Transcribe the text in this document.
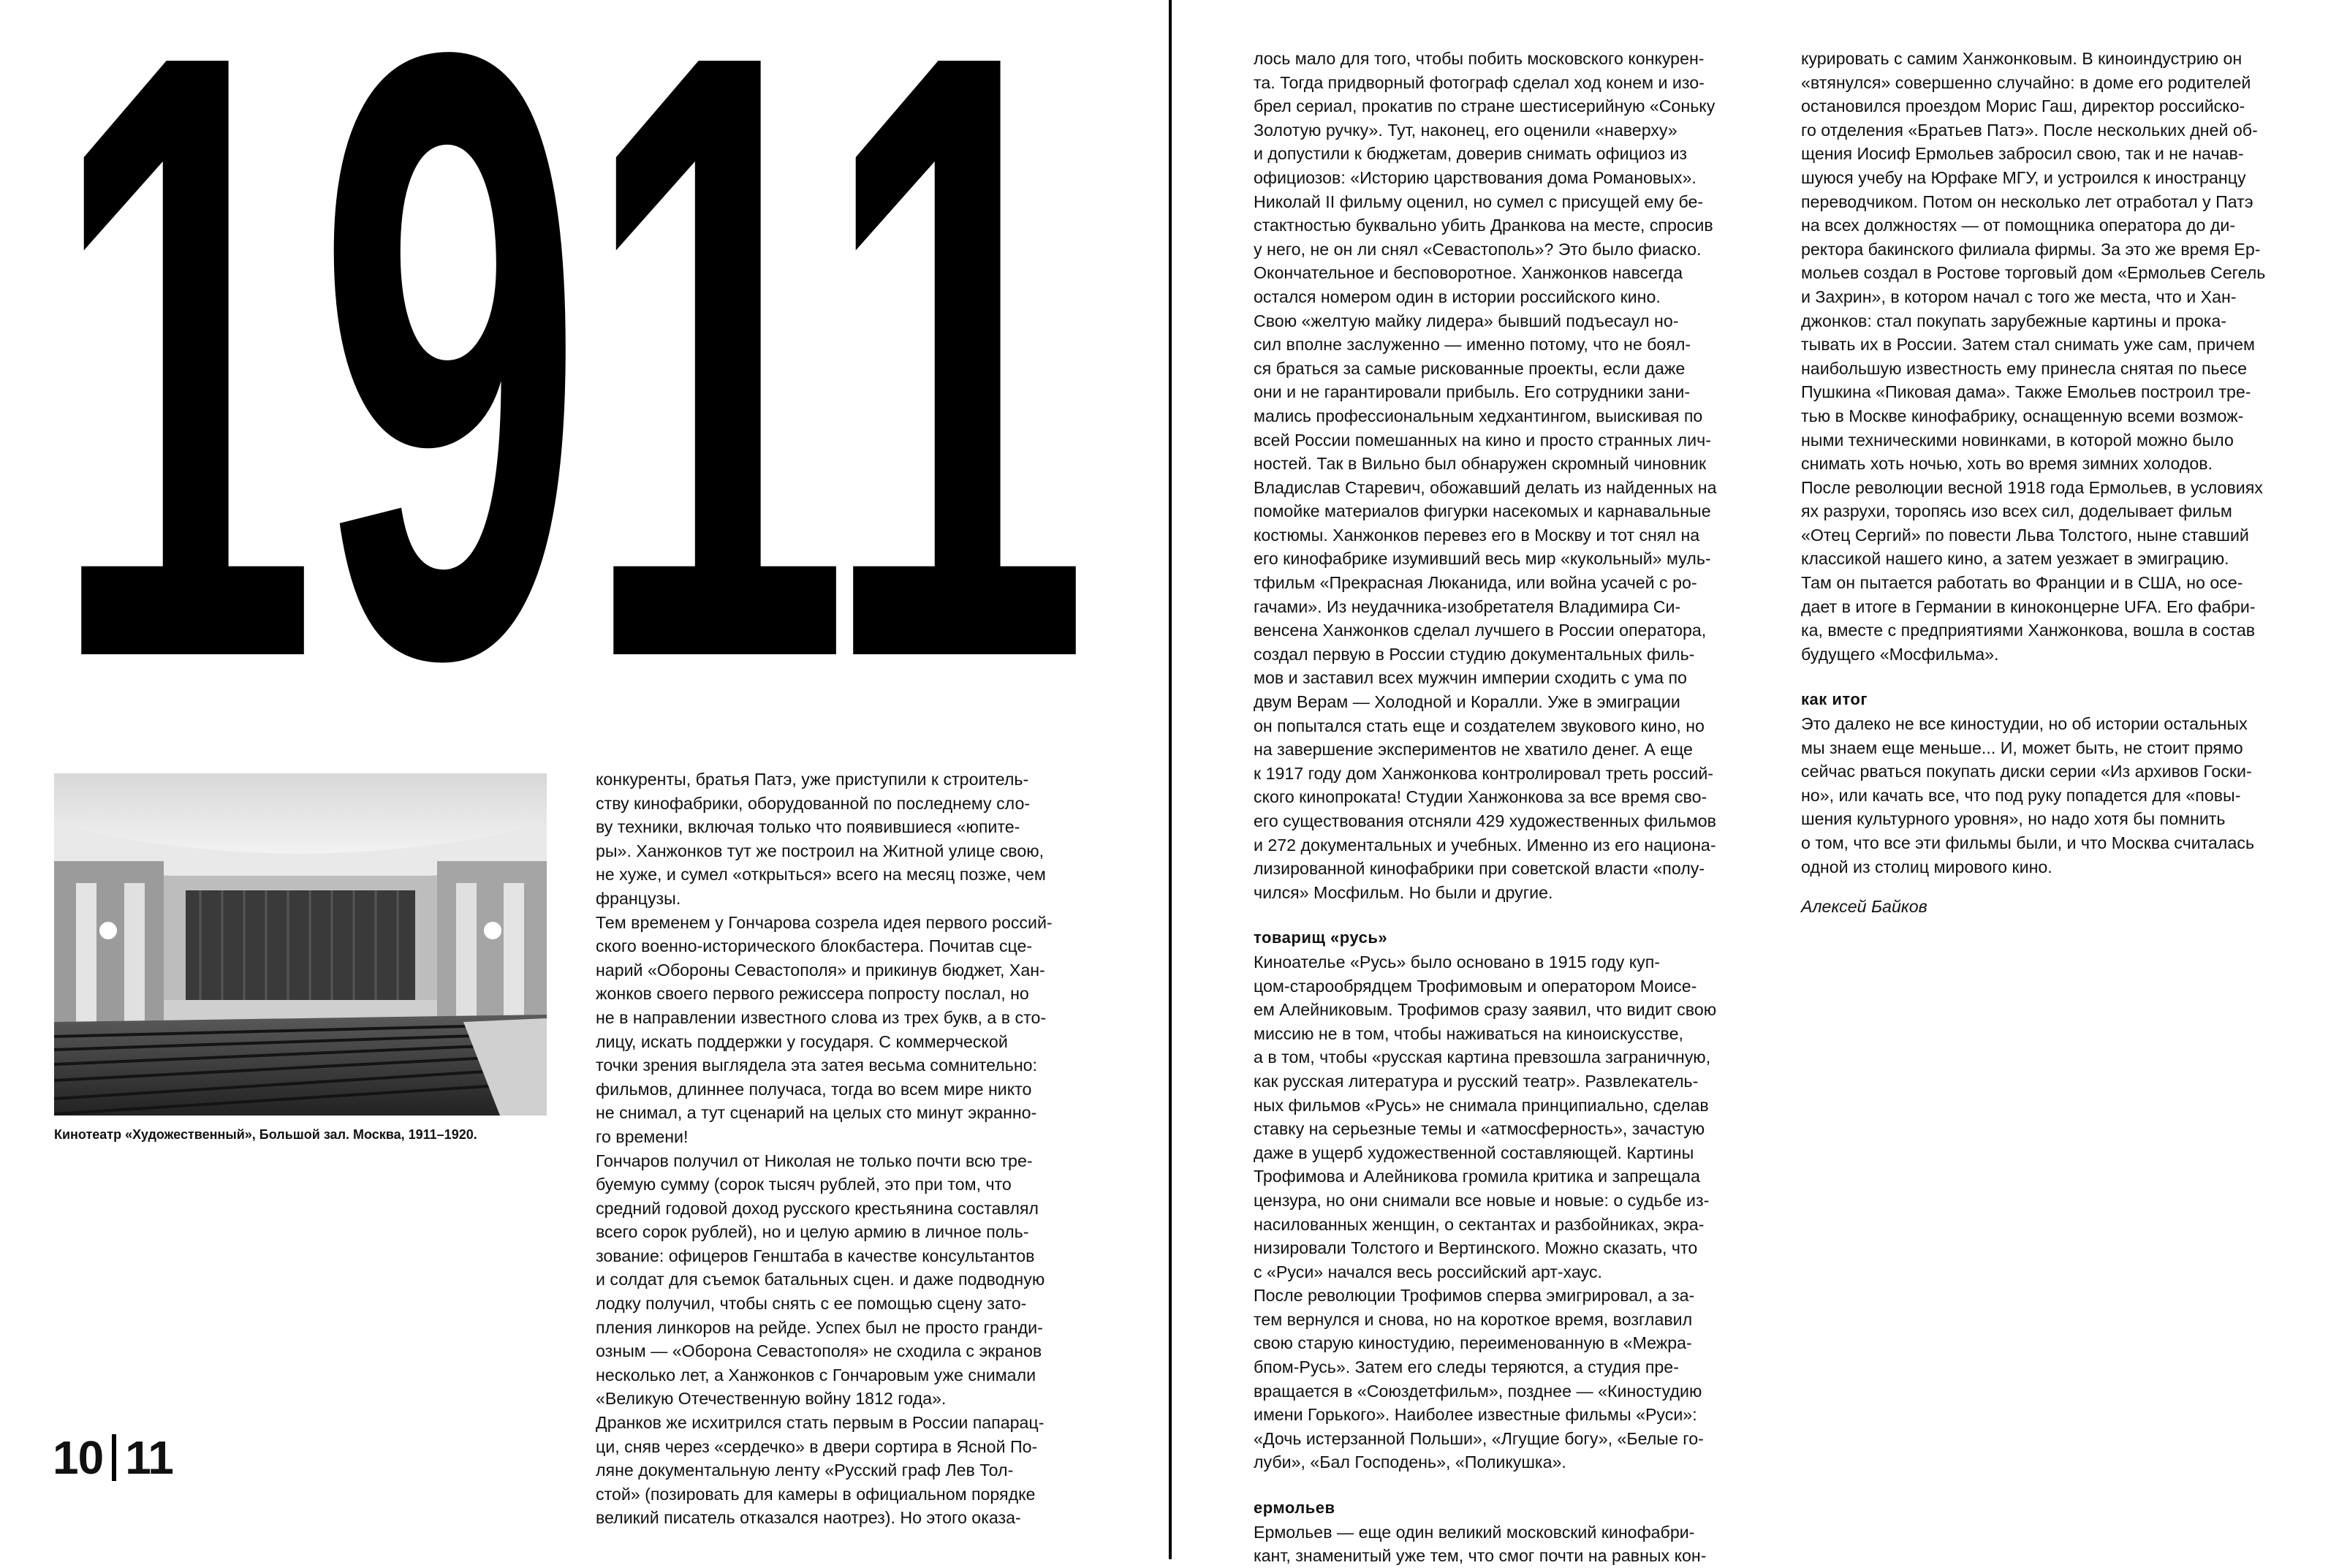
1911
Кинотеатр «Художественный», Большой зал. Москва, 1911–1920.

конкуренты, братья Патэ, уже приступили к строитель-
ству кинофабрики, оборудованной по последнему сло-
ву техники, включая только что появившиеся «юпите-
ры». Ханжонков тут же построил на Житной улице свою,
не хуже, и сумел «открыться» всего на месяц позже, чем
французы.

Тем временем у Гончарова созрела идея первого россий-
ского военно-исторического блокбастера. Почитав сце-
нарий «Обороны Севастополя» и прикинув бюджет, Хан-
жонков своего первого режиссера попросту послал, но
не в направлении известного слова из трех букв, а в сто-
лицу, искать поддержки у государя. С коммерческой
точки зрения выглядела эта затея весьма сомнительно:
фильмов, длиннее получаса, тогда во всем мире никто
не снимал, а тут сценарий на целых сто минут экранно-
го времени!

Гончаров получил от Николая не только почти всю тре-
буемую сумму (сорок тысяч рублей, это при том, что
средний годовой доход русского крестьянина составлял
всего сорок рублей), но и целую армию в личное поль-
зование: офицеров Генштаба в качестве консультантов
и солдат для съемок батальных сцен. и даже подводную
лодку получил, чтобы снять с ее помощью сцену зато-
пления линкоров на рейде. Успех был не просто гранди-
озным — «Оборона Севастополя» не сходила с экранов
несколько лет, а Ханжонков с Гончаровым уже снимали
«Великую Отечественную войну 1812 года».

Дранков же исхитрился стать первым в России папарац-
ци, сняв через «сердечко» в двери сортира в Ясной По-
ляне документальную ленту «Русский граф Лев Тол-
стой» (позировать для камеры в официальном порядке
великий писатель отказался наотрез). Но этого оказа-

лось мало для того, чтобы побить московского конкурен-
та. Тогда придворный фотограф сделал ход конем и изо-
брел сериал, прокатив по стране шестисерийную «Соньку
Золотую ручку». Тут, наконец, его оценили «наверху»
и допустили к бюджетам, доверив снимать официоз из
официозов: «Историю царствования дома Романовых».
Николай II фильму оценил, но сумел с присущей ему бе-
стактностью буквально убить Дранкова на месте, спросив
у него, не он ли снял «Севастополь»? Это было фиаско.
Окончательное и бесповоротное. Ханжонков навсегда
остался номером один в истории российского кино.

Свою «желтую майку лидера» бывший подъесаул но-
сил вполне заслуженно — именно потому, что не боял-
ся браться за самые рискованные проекты, если даже
они и не гарантировали прибыль. Его сотрудники зани-
мались профессиональным хедхантингом, выискивая по
всей России помешанных на кино и просто странных лич-
ностей. Так в Вильно был обнаружен скромный чиновник
Владислав Старевич, обожавший делать из найденных на
помойке материалов фигурки насекомых и карнавальные
костюмы. Ханжонков перевез его в Москву и тот снял на
его кинофабрике изумивший весь мир «кукольный» муль-
тфильм «Прекрасная Люканида, или война усачей с ро-
гачами». Из неудачника-изобретателя Владимира Си-
венсена Ханжонков сделал лучшего в России оператора,
создал первую в России студию документальных филь-
мов и заставил всех мужчин империи сходить с ума по
двум Верам — Холодной и Коралли. Уже в эмиграции
он попытался стать еще и создателем звукового кино, но
на завершение экспериментов не хватило денег. А еще
к 1917 году дом Ханжонкова контролировал треть россий-
ского кинопроката! Студии Ханжонкова за все время сво-
его существования отсняли 429 художественных фильмов
и 272 документальных и учебных. Именно из его национа-
лизированной кинофабрики при советской власти «полу-
чился» Мосфильм. Но были и другие.

товарищ «русь»

Киноателье «Русь» было основано в 1915 году куп-
цом-старообрядцем Трофимовым и оператором Моисе-
ем Алейниковым. Трофимов сразу заявил, что видит свою
миссию не в том, чтобы наживаться на киноискусстве,
а в том, чтобы «русская картина превзошла заграничную,
как русская литература и русский театр». Развлекатель-
ных фильмов «Русь» не снимала принципиально, сделав
ставку на серьезные темы и «атмосферность», зачастую
даже в ущерб художественной составляющей. Картины
Трофимова и Алейникова громила критика и запрещала
цензура, но они снимали все новые и новые: о судьбе из-
насилованных женщин, о сектантах и разбойниках, экра-
низировали Толстого и Вертинского. Можно сказать, что
с «Руси» начался весь российский арт-хаус.

После революции Трофимов сперва эмигрировал, а за-
тем вернулся и снова, но на короткое время, возглавил
свою старую киностудию, переименованную в «Межра-
бпом-Русь». Затем его следы теряются, а студия пре-
вращается в «Союздетфильм», позднее — «Киностудию
имени Горького». Наиболее известные фильмы «Руси»:
«Дочь истерзанной Польши», «Лгущие богу», «Белые го-
луби», «Бал Господень», «Поликушка».

ермольев

Ермольев — еще один великий московский кинофабри-
кант, знаменитый уже тем, что смог почти на равных кон-

курировать с самим Ханжонковым. В киноиндустрию он
«втянулся» совершенно случайно: в доме его родителей
остановился проездом Морис Гаш, директор российско-
го отделения «Братьев Патэ». После нескольких дней об-
щения Иосиф Ермольев забросил свою, так и не начав-
шуюся учебу на Юрфаке МГУ, и устроился к иностранцу
переводчиком. Потом он несколько лет отработал у Патэ
на всех должностях — от помощника оператора до ди-
ректора бакинского филиала фирмы. За это же время Ер-
мольев создал в Ростове торговый дом «Ермольев Сегель
и Захрин», в котором начал с того же места, что и Хан-
джонков: стал покупать зарубежные картины и прока-
тывать их в России. Затем стал снимать уже сам, причем
наибольшую известность ему принесла снятая по пьесе
Пушкина «Пиковая дама». Также Емольев построил тре-
тью в Москве кинофабрику, оснащенную всеми возмож-
ными техническими новинками, в которой можно было
снимать хоть ночью, хоть во время зимних холодов.

После революции весной 1918 года Ермольев, в условиях
ях разрухи, торопясь изо всех сил, доделывает фильм
«Отец Сергий» по повести Льва Толстого, ныне ставший
классикой нашего кино, а затем уезжает в эмиграцию.
Там он пытается работать во Франции и в США, но осе-
дает в итоге в Германии в киноконцерне UFA. Его фабри-
ка, вместе с предприятиями Ханжонкова, вошла в состав
будущего «Мосфильма».

как итог

Это далеко не все киностудии, но об истории остальных
мы знаем еще меньше... И, может быть, не стоит прямо
сейчас рваться покупать диски серии «Из архивов Госки-
но», или качать все, что под руку попадется для «повы-
шения культурного уровня», но надо хотя бы помнить
о том, что все эти фильмы были, и что Москва считалась
одной из столиц мирового кино.

Алексей Байков

10 11
